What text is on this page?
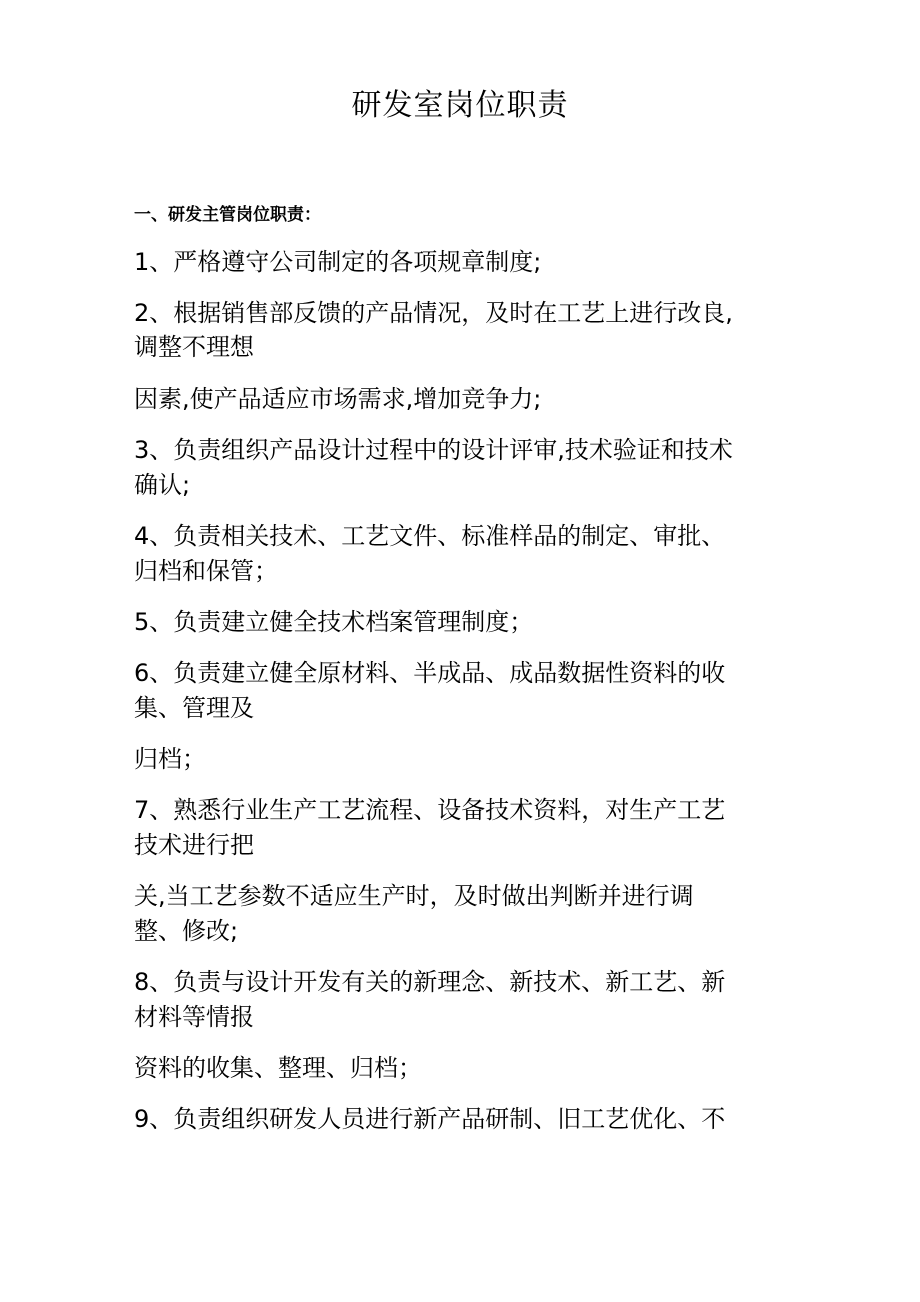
研发室岗位职责
一、研发主管岗位职责：
1、严格遵守公司制定的各项规章制度;
2、根据销售部反馈的产品情况，及时在工艺上进行改良,
调整不理想
因素,使产品适应市场需求,增加竞争力;
3、负责组织产品设计过程中的设计评审,技术验证和技术
确认;
4、负责相关技术、工艺文件、标准样品的制定、审批、
归档和保管；
5、负责建立健全技术档案管理制度；
6、负责建立健全原材料、半成品、成品数据性资料的收
集、管理及
归档；
7、熟悉行业生产工艺流程、设备技术资料，对生产工艺
技术进行把
关,当工艺参数不适应生产时，及时做出判断并进行调
整、修改;
8、负责与设计开发有关的新理念、新技术、新工艺、新
材料等情报
资料的收集、整理、归档；
9、负责组织研发人员进行新产品研制、旧工艺优化、不
